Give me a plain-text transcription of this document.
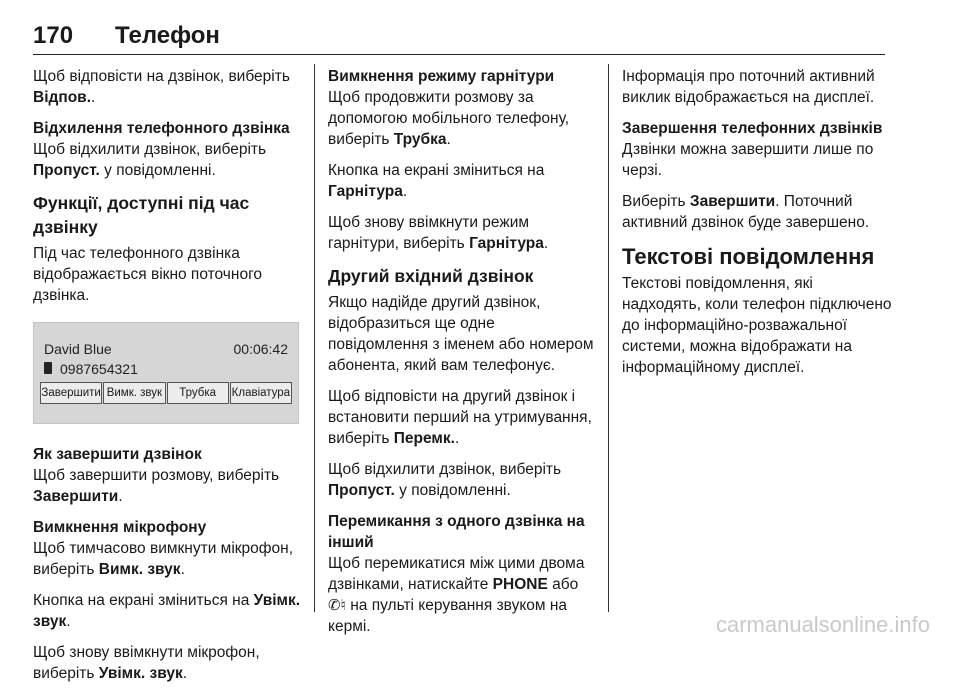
170 Телефон

Щоб відповісти на дзвінок, виберіть Відпов..

Відхилення телефонного дзвінка

Щоб відхилити дзвінок, виберіть Пропуст. у повідомленні.

Функції, доступні під час дзвінку

Під час телефонного дзвінка відображається вікно поточного дзвінка.

David Blue	00:06:42
0987654321
Завершити Вимк. звук	Трубка	Клавіатура

Як завершити дзвінок

Щоб завершити розмову, виберіть Завершити.

Вимкнення мікрофону

Щоб тимчасово вимкнути мікрофон, виберіть Вимк. звук.

Кнопка на екрані зміниться на Увімк. звук.

Щоб знову ввімкнути мікрофон, виберіть Увімк. звук.

Вимкнення режиму гарнітури

Щоб продовжити розмову за допомогою мобільного телефону, виберіть Трубка.

Кнопка на екрані зміниться на Гарнітура.

Щоб знову ввімкнути режим гарнітури, виберіть Гарнітура.

Другий вхідний дзвінок

Якщо надійде другий дзвінок, відобразиться ще одне повідомлення з іменем або номером абонента, який вам телефонує.

Щоб відповісти на другий дзвінок і встановити перший на утримування, виберіть Перемк..

Щоб відхилити дзвінок, виберіть Пропуст. у повідомленні.

Перемикання з одного дзвінка на інший

Щоб перемикатися між цими двома дзвінками, натискайте PHONE або ✆♮ на пульті керування звуком на кермі.

Інформація про поточний активний виклик відображається на дисплеї.

Завершення телефонних дзвінків

Дзвінки можна завершити лише по черзі.

Виберіть Завершити. Поточний активний дзвінок буде завершено.

Текстові повідомлення

Текстові повідомлення, які надходять, коли телефон підключено до інформаційно-розважальної системи, можна відображати на інформаційному дисплеї.

carmanualsonline.info
